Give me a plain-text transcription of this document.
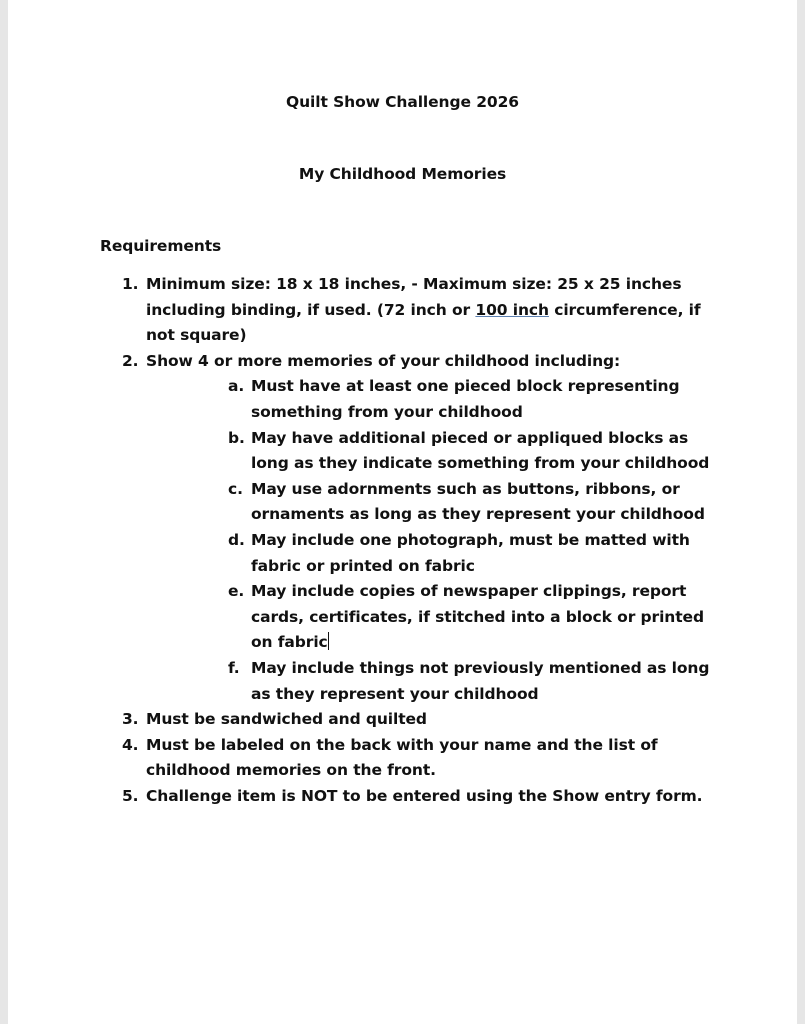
Quilt Show Challenge 2026
My Childhood Memories
Requirements
1. Minimum size: 18 x 18 inches, - Maximum size: 25 x 25 inches including binding, if used. (72 inch or 100 inch circumference, if not square)
2. Show 4 or more memories of your childhood including:
a. Must have at least one pieced block representing something from your childhood
b. May have additional pieced or appliqued blocks as long as they indicate something from your childhood
c. May use adornments such as buttons, ribbons, or ornaments as long as they represent your childhood
d. May include one photograph, must be matted with fabric or printed on fabric
e. May include copies of newspaper clippings, report cards, certificates, if stitched into a block or printed on fabric
f. May include things not previously mentioned as long as they represent your childhood
3. Must be sandwiched and quilted
4. Must be labeled on the back with your name and the list of childhood memories on the front.
5. Challenge item is NOT to be entered using the Show entry form.
